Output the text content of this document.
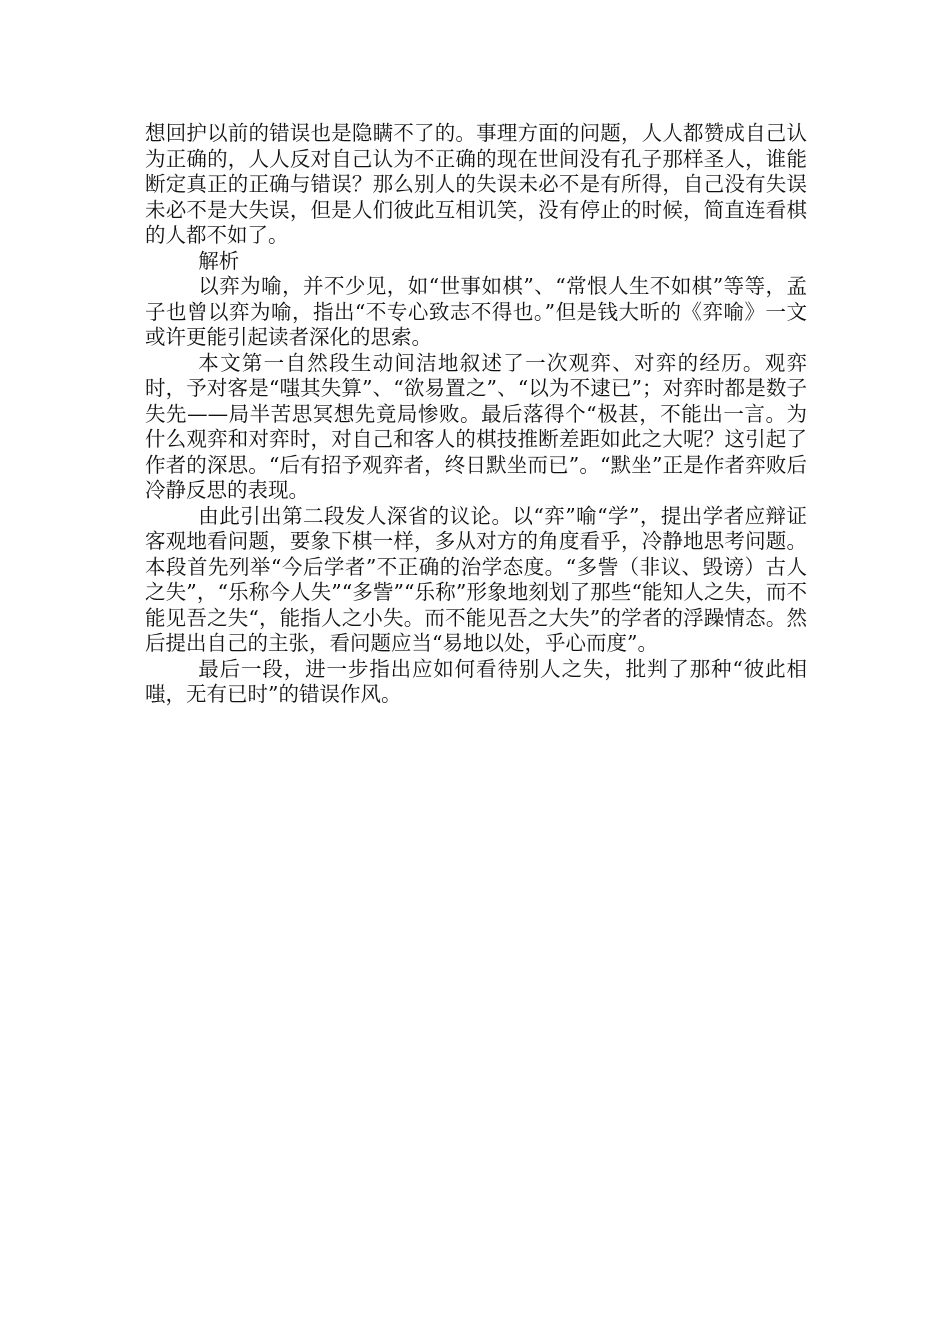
想回护以前的错误也是隐瞒不了的。事理方面的问题，人人都赞成自己认为正确的，人人反对自己认为不正确的现在世间没有孔子那样圣人，谁能断定真正的正确与错误？那么别人的失误未必不是有所得，自己没有失误未必不是大失误，但是人们彼此互相讥笑，没有停止的时候，简直连看棋的人都不如了。

解析

以弈为喻，并不少见，如“世事如棋”、“常恨人生不如棋”等等，孟子也曾以弈为喻，指出“不专心致志不得也。”但是钱大昕的《弈喻》一文或许更能引起读者深化的思索。

本文第一自然段生动间洁地叙述了一次观弈、对弈的经历。观弈时，予对客是“嗤其失算”、“欲易置之”、“以为不逮已”；对弈时都是数子失先——局半苦思冥想先竟局惨败。最后落得个“极甚，不能出一言。为什么观弈和对弈时，对自己和客人的棋技推断差距如此之大呢？这引起了作者的深思。“后有招予观弈者，终日默坐而已”。“默坐”正是作者弈败后冷静反思的表现。

由此引出第二段发人深省的议论。以“弈”喻“学”，提出学者应辩证客观地看问题，要象下棋一样，多从对方的角度看乎，冷静地思考问题。本段首先列举“今后学者”不正确的治学态度。“多訾（非议、毁谤）古人之失”，“乐称今人失”“多訾”“乐称”形象地刻划了那些“能知人之失，而不能见吾之失“，能指人之小失。而不能见吾之大失”的学者的浮躁情态。然后提出自己的主张，看问题应当“易地以处，乎心而度”。

最后一段，进一步指出应如何看待别人之失，批判了那种“彼此相嗤，无有已时”的错误作风。
